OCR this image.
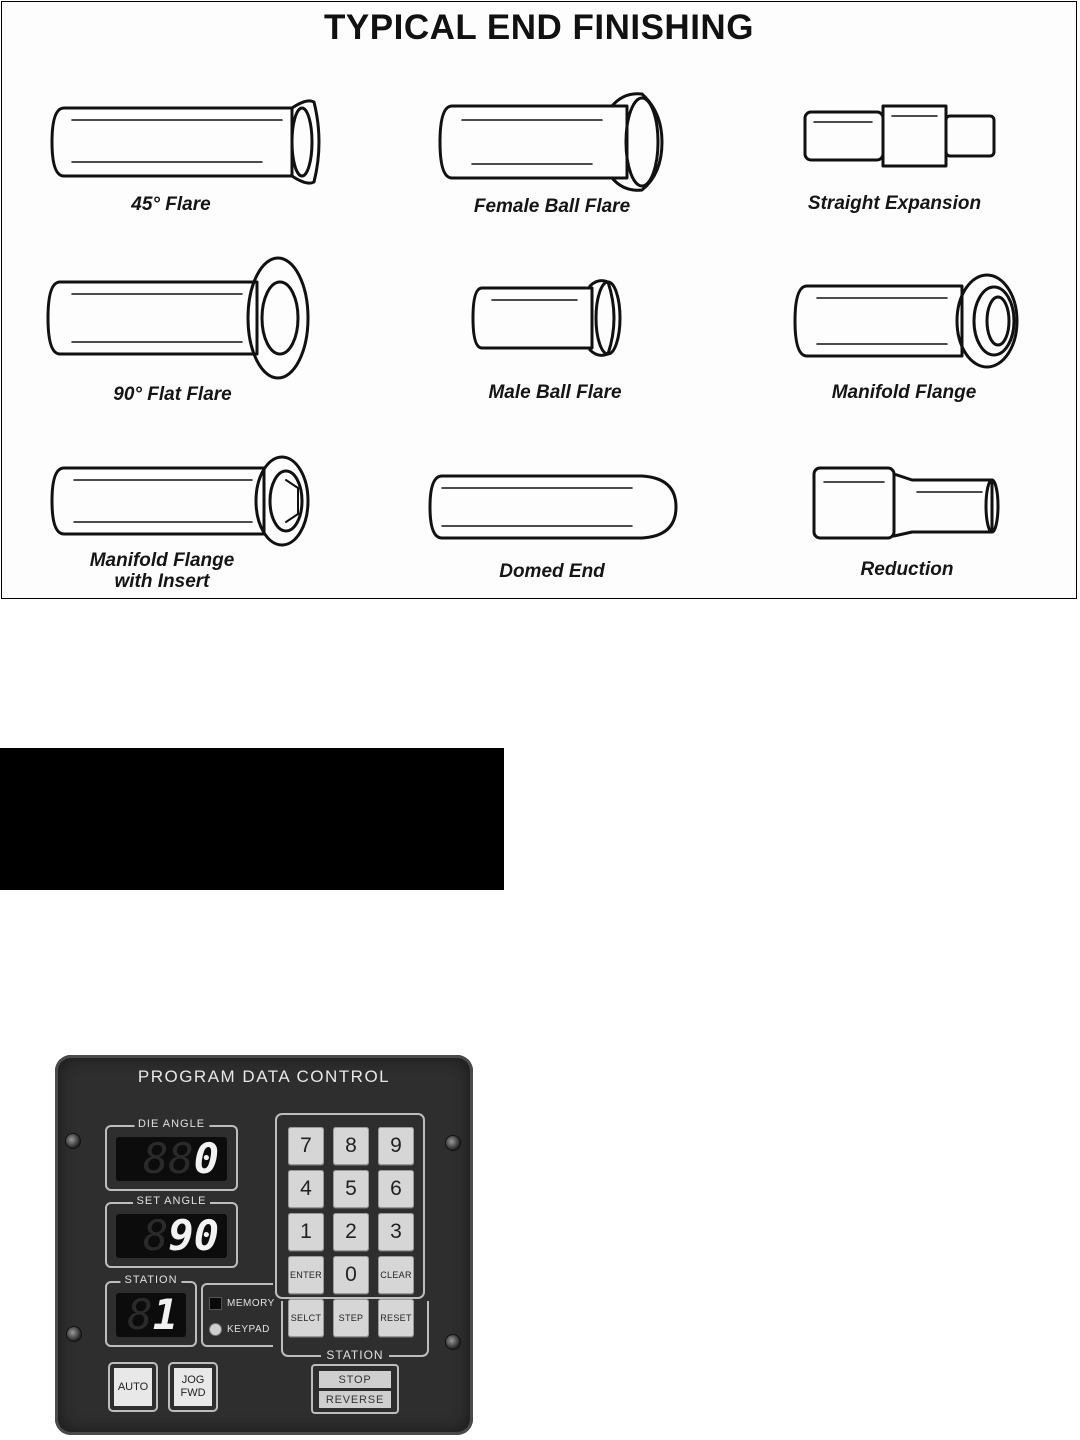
TYPICAL END FINISHING
45° Flare	Female Ball Flare	Straight Expansion
90° Flat Flare	Male Ball Flare	Manifold Flange
Manifold Flange
with Insert	Domed End	Reduction
PROGRAM DATA CONTROL
DIE ANGLE
88 0
SET ANGLE
8 90
STATION
8 1	MEMORY
KEYPAD
7	8	9
4	5	6
1	2	3
ENTER	0	CLEAR
SELCT	STEP	RESET
STATION
AUTO
JOG
FWD
STOP
REVERSE
